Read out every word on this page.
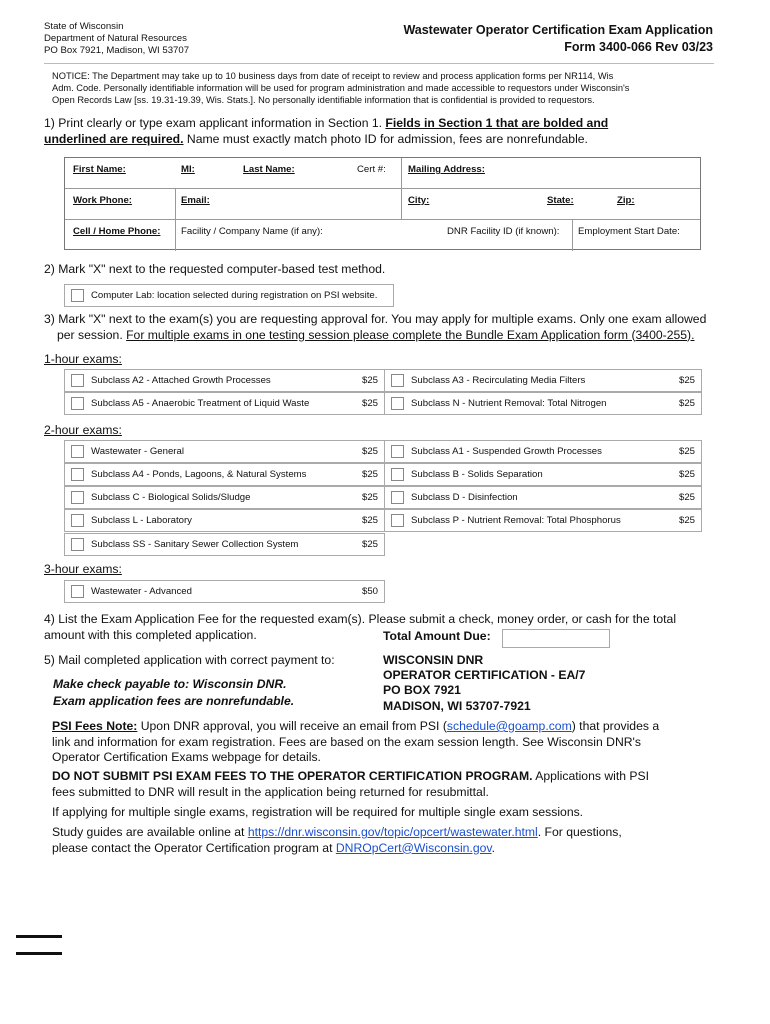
State of Wisconsin
Department of Natural Resources
PO Box 7921, Madison, WI 53707
Wastewater Operator Certification Exam Application
Form 3400-066 Rev 03/23
NOTICE: The Department may take up to 10 business days from date of receipt to review and process application forms per NR114, Wis
Adm. Code. Personally identifiable information will be used for program administration and made accessible to requestors under Wisconsin's
Open Records Law [ss. 19.31-19.39, Wis. Stats.]. No personally identifiable information that is confidential is provided to requestors.
1) Print clearly or type exam applicant information in Section 1. Fields in Section 1 that are bolded and
underlined are required. Name must exactly match photo ID for admission, fees are nonrefundable.
First Name:	MI:	Last Name:	Cert #: Mailing Address:
Work Phone:	Email:	City:	State:	Zip:
Cell / Home Phone: Facility / Company Name (if any):	DNR Facility ID (if known): Employment Start Date:
2) Mark "X" next to the requested computer-based test method.
Computer Lab: location selected during registration on PSI website.
3) Mark "X" next to the exam(s) you are requesting approval for. You may apply for multiple exams. Only one exam allowed
per session. For multiple exams in one testing session please complete the Bundle Exam Application form (3400-255).
1-hour exams:
Subclass A2 - Attached Growth Processes	$25	Subclass A3 - Recirculating Media Filters	$25
Subclass A5 - Anaerobic Treatment of Liquid Waste	$25	Subclass N - Nutrient Removal: Total Nitrogen	$25
2-hour exams:
Wastewater - General	$25	Subclass A1 - Suspended Growth Processes	$25
Subclass A4 - Ponds, Lagoons, & Natural Systems	$25	Subclass B - Solids Separation	$25
Subclass C - Biological Solids/Sludge	$25	Subclass D - Disinfection	$25
Subclass L - Laboratory	$25	Subclass P - Nutrient Removal: Total Phosphorus	$25
Subclass SS - Sanitary Sewer Collection System	$25
3-hour exams:
Wastewater - Advanced	$50
4) List the Exam Application Fee for the requested exam(s). Please submit a check, money order, or cash for the total
amount with this completed application.	Total Amount Due:
5) Mail completed application with correct payment to:
Make check payable to: Wisconsin DNR.
Exam application fees are nonrefundable.
WISCONSIN DNR
OPERATOR CERTIFICATION - EA/7
PO BOX 7921
MADISON, WI 53707-7921
PSI Fees Note: Upon DNR approval, you will receive an email from PSI (schedule@goamp.com) that provides a
link and information for exam registration. Fees are based on the exam session length. See Wisconsin DNR's
Operator Certification Exams webpage for details.
DO NOT SUBMIT PSI EXAM FEES TO THE OPERATOR CERTIFICATION PROGRAM. Applications with PSI
fees submitted to DNR will result in the application being returned for resubmittal.
If applying for multiple single exams, registration will be required for multiple single exam sessions.
Study guides are available online at https://dnr.wisconsin.gov/topic/opcert/wastewater.html. For questions,
please contact the Operator Certification program at DNROpCert@Wisconsin.gov.
